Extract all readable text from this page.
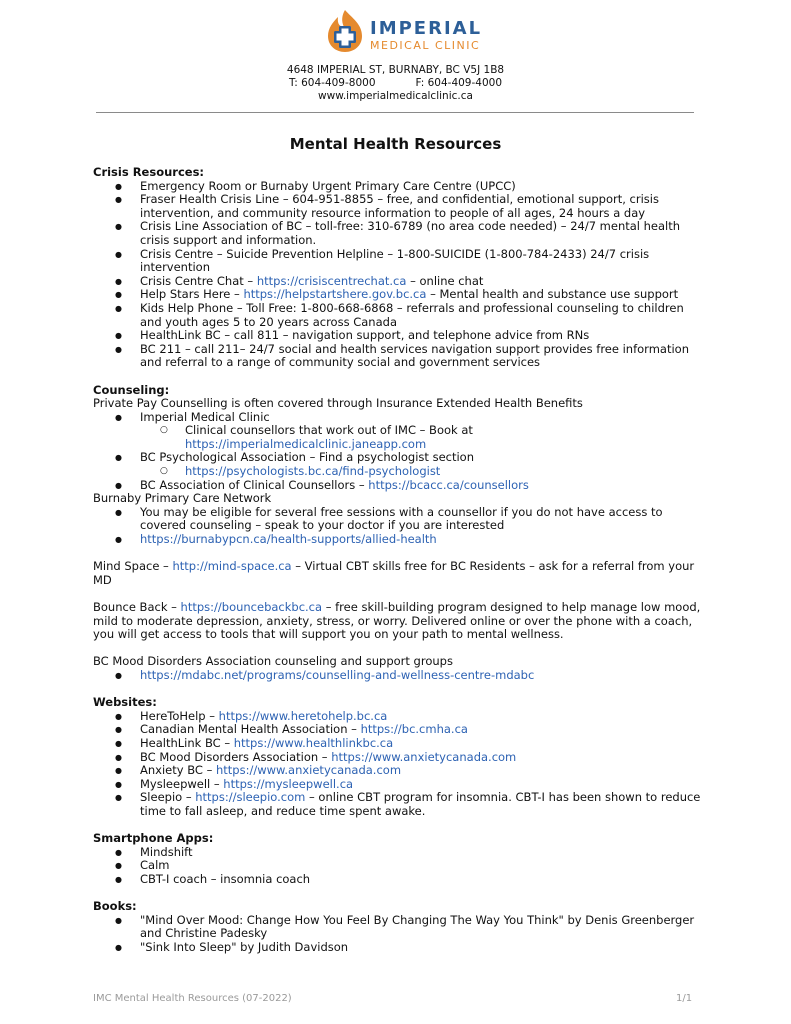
IMPERIAL
MEDICAL CLINIC
4648 IMPERIAL ST, BURNABY, BC V5J 1B8
T: 604-409-8000	F: 604-409-4000
www.imperialmedicalclinic.ca
Mental Health Resources

Crisis Resources:

● Emergency Room or Burnaby Urgent Primary Care Centre (UPCC)
● Fraser Health Crisis Line – 604-951-8855 – free, and confidential, emotional support, crisis intervention, and community resource information to people of all ages, 24 hours a day
● Crisis Line Association of BC – toll-free: 310-6789 (no area code needed) – 24/7 mental health crisis support and information.
● Crisis Centre – Suicide Prevention Helpline – 1-800-SUICIDE (1-800-784-2433) 24/7 crisis intervention
● Crisis Centre Chat – https://crisiscentrechat.ca – online chat
● Help Stars Here – https://helpstartshere.gov.bc.ca – Mental health and substance use support
● Kids Help Phone – Toll Free: 1-800-668-6868 – referrals and professional counseling to children and youth ages 5 to 20 years across Canada
● HealthLink BC – call 811 – navigation support, and telephone advice from RNs
● BC 211 – call 211– 24/7 social and health services navigation support provides free information and referral to a range of community social and government services

Counseling:

Private Pay Counselling is often covered through Insurance Extended Health Benefits

● Imperial Medical Clinic
○ Clinical counsellors that work out of IMC – Book at
https://imperialmedicalclinic.janeapp.com
● BC Psychological Association – Find a psychologist section
○ https://psychologists.bc.ca/find-psychologist
● BC Association of Clinical Counsellors – https://bcacc.ca/counsellors

Burnaby Primary Care Network

● You may be eligible for several free sessions with a counsellor if you do not have access to covered counseling – speak to your doctor if you are interested
● https://burnabypcn.ca/health-supports/allied-health

Mind Space – http://mind-space.ca – Virtual CBT skills free for BC Residents – ask for a referral from your MD

Bounce Back – https://bouncebackbc.ca – free skill-building program designed to help manage low mood, mild to moderate depression, anxiety, stress, or worry. Delivered online or over the phone with a coach, you will get access to tools that will support you on your path to mental wellness.

BC Mood Disorders Association counseling and support groups

● https://mdabc.net/programs/counselling-and-wellness-centre-mdabc

Websites:

● HereToHelp – https://www.heretohelp.bc.ca
● Canadian Mental Health Association – https://bc.cmha.ca
● HealthLink BC – https://www.healthlinkbc.ca
● BC Mood Disorders Association – https://www.anxietycanada.com
● Anxiety BC – https://www.anxietycanada.com
● Mysleepwell – https://mysleepwell.ca
● Sleepio – https://sleepio.com – online CBT program for insomnia. CBT-I has been shown to reduce time to fall asleep, and reduce time spent awake.

Smartphone Apps:

● Mindshift
● Calm
● CBT-I coach – insomnia coach

Books:

● "Mind Over Mood: Change How You Feel By Changing The Way You Think" by Denis Greenberger and Christine Padesky
● "Sink Into Sleep" by Judith Davidson
IMC Mental Health Resources (07-2022)	1/1
